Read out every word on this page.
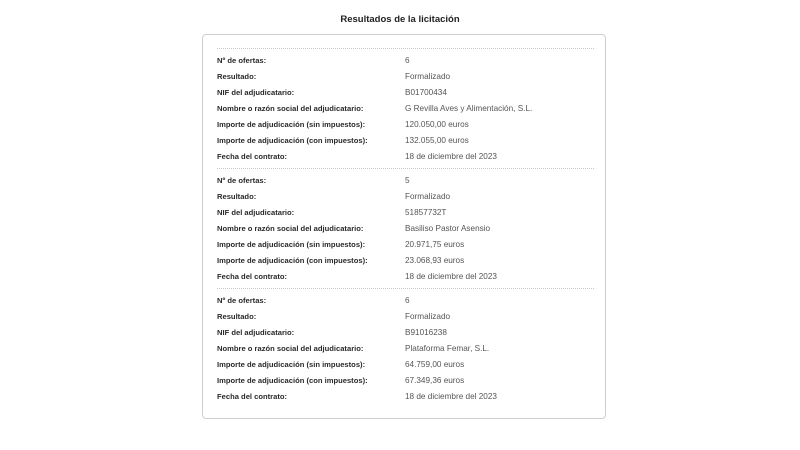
Resultados de la licitación
Nº de ofertas:	6
Resultado:	Formalizado
NIF del adjudicatario:	B01700434
Nombre o razón social del adjudicatario:	G Revilla Aves y Alimentación, S.L.
Importe de adjudicación (sin impuestos):	120.050,00 euros
Importe de adjudicación (con impuestos):	132.055,00 euros
Fecha del contrato:	18 de diciembre del 2023
Nº de ofertas:	5
Resultado:	Formalizado
NIF del adjudicatario:	51857732T
Nombre o razón social del adjudicatario:	Basiliso Pastor Asensio
Importe de adjudicación (sin impuestos):	20.971,75 euros
Importe de adjudicación (con impuestos):	23.068,93 euros
Fecha del contrato:	18 de diciembre del 2023
Nº de ofertas:	6
Resultado:	Formalizado
NIF del adjudicatario:	B91016238
Nombre o razón social del adjudicatario:	Plataforma Femar, S.L.
Importe de adjudicación (sin impuestos):	64.759,00 euros
Importe de adjudicación (con impuestos):	67.349,36 euros
Fecha del contrato:	18 de diciembre del 2023
